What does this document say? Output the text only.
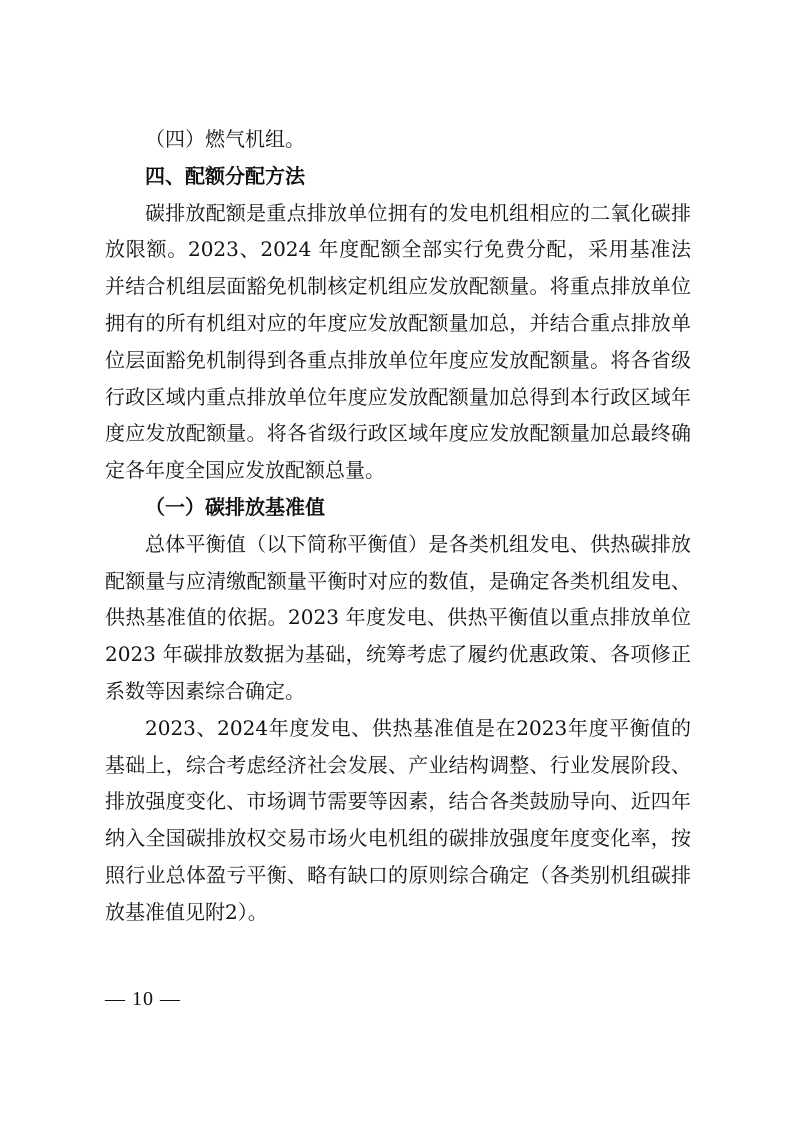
（四）燃气机组。

四、配额分配方法

碳排放配额是重点排放单位拥有的发电机组相应的二氧化碳排放限额。2023、2024 年度配额全部实行免费分配，采用基准法并结合机组层面豁免机制核定机组应发放配额量。将重点排放单位拥有的所有机组对应的年度应发放配额量加总，并结合重点排放单位层面豁免机制得到各重点排放单位年度应发放配额量。将各省级行政区域内重点排放单位年度应发放配额量加总得到本行政区域年度应发放配额量。将各省级行政区域年度应发放配额量加总最终确定各年度全国应发放配额总量。

（一）碳排放基准值

总体平衡值（以下简称平衡值）是各类机组发电、供热碳排放配额量与应清缴配额量平衡时对应的数值，是确定各类机组发电、供热基准值的依据。2023 年度发电、供热平衡值以重点排放单位 2023 年碳排放数据为基础，统筹考虑了履约优惠政策、各项修正系数等因素综合确定。

2023、2024年度发电、供热基准值是在2023年度平衡值的基础上，综合考虑经济社会发展、产业结构调整、行业发展阶段、排放强度变化、市场调节需要等因素，结合各类鼓励导向、近四年纳入全国碳排放权交易市场火电机组的碳排放强度年度变化率，按照行业总体盈亏平衡、略有缺口的原则综合确定（各类别机组碳排放基准值见附2）。

— 10 —
